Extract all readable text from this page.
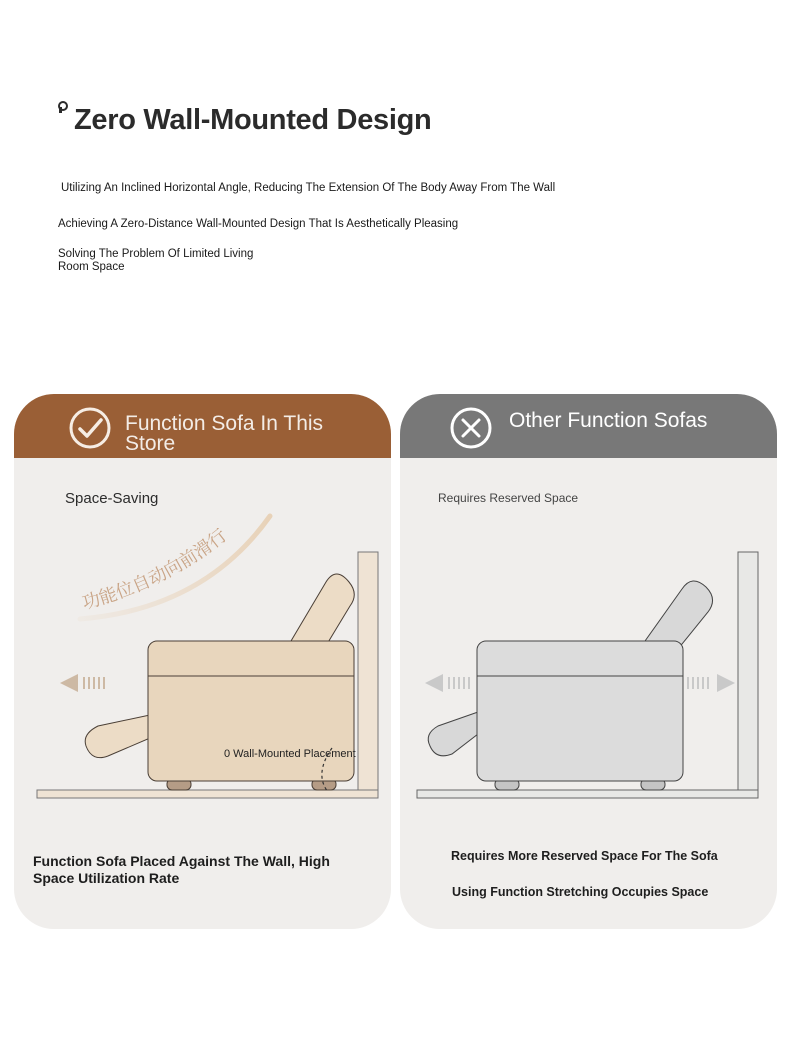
Zero Wall-Mounted Design
Utilizing An Inclined Horizontal Angle, Reducing The Extension Of The Body Away From The Wall
Achieving A Zero-Distance Wall-Mounted Design That Is Aesthetically Pleasing
Solving The Problem Of Limited Living Room Space
Function Sofa In This Store
Space-Saving
功能位自动向前滑行
0 Wall-Mounted Placement
Function Sofa Placed Against The Wall, High Space Utilization Rate
Other Function Sofas
Requires Reserved Space
Requires More Reserved Space For The Sofa
Using Function Stretching Occupies Space
